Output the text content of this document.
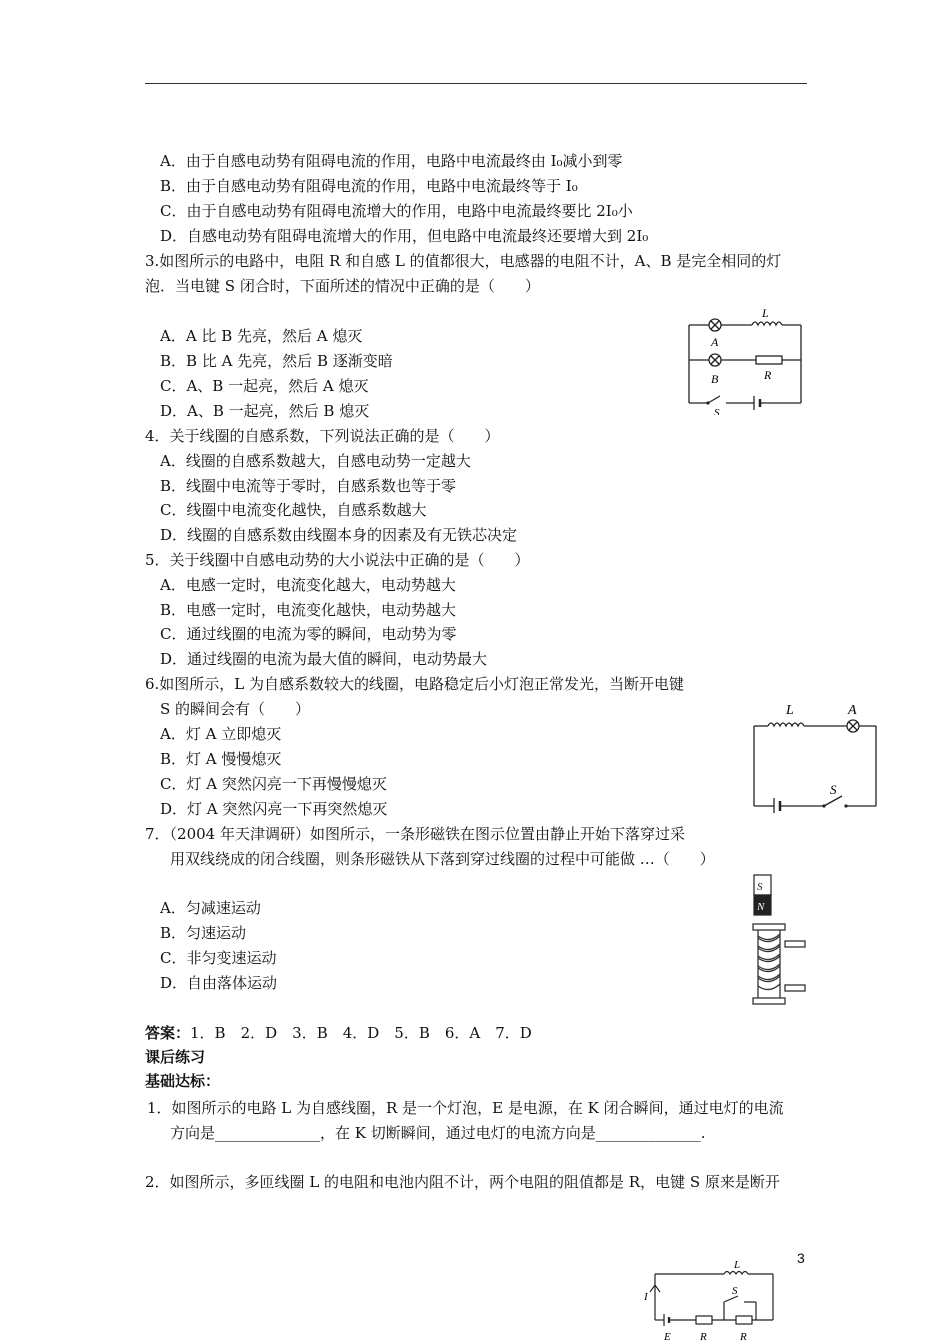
A．由于自感电动势有阻碍电流的作用，电路中电流最终由 I₀减小到零
B．由于自感电动势有阻碍电流的作用，电路中电流最终等于 I₀
C．由于自感电动势有阻碍电流增大的作用，电路中电流最终要比 2I₀小
D．自感电动势有阻碍电流增大的作用，但电路中电流最终还要增大到 2I₀
3.如图所示的电路中，电阻 R 和自感 L 的值都很大，电感器的电阻不计，A、B 是完全相同的灯
泡．当电键 S 闭合时，下面所述的情况中正确的是（　　）
A．A 比 B 先亮，然后 A 熄灭
B．B 比 A 先亮，然后 B 逐渐变暗
C．A、B 一起亮，然后 A 熄灭
D．A、B 一起亮，然后 B 熄灭
4．关于线圈的自感系数，下列说法正确的是（　　）
A．线圈的自感系数越大，自感电动势一定越大
B．线圈中电流等于零时，自感系数也等于零
C．线圈中电流变化越快，自感系数越大
D．线圈的自感系数由线圈本身的因素及有无铁芯决定
5．关于线圈中自感电动势的大小说法中正确的是（　　）
A．电感一定时，电流变化越大，电动势越大
B．电感一定时，电流变化越快，电动势越大
C．通过线圈的电流为零的瞬间，电动势为零
D．通过线圈的电流为最大值的瞬间，电动势最大
6.如图所示，L 为自感系数较大的线圈，电路稳定后小灯泡正常发光，当断开电键
S 的瞬间会有（　　）
A．灯 A 立即熄灭
B．灯 A 慢慢熄灭
C．灯 A 突然闪亮一下再慢慢熄灭
D．灯 A 突然闪亮一下再突然熄灭
7．（2004 年天津调研）如图所示，一条形磁铁在图示位置由静止开始下落穿过采
用双线绕成的闭合线圈，则条形磁铁从下落到穿过线圈的过程中可能做 …（　　）
A．匀减速运动
B．匀速运动
C．非匀变速运动
D．自由落体运动
答案：1．B　2．D　3．B　4．D　5．B　6．A　7．D
课后练习
基础达标：
1．如图所示的电路 L 为自感线圈，R 是一个灯泡，E 是电源，在 K 闭合瞬间，通过电灯的电流
方向是______________，在 K 切断瞬间，通过电灯的电流方向是______________.
2．如图所示，多匝线圈 L 的电阻和电池内阻不计，两个电阻的阻值都是 R，电键 S 原来是断开
3
L
A
B	R
S
L	A
S
S
N
L
I	S
E	R	R
